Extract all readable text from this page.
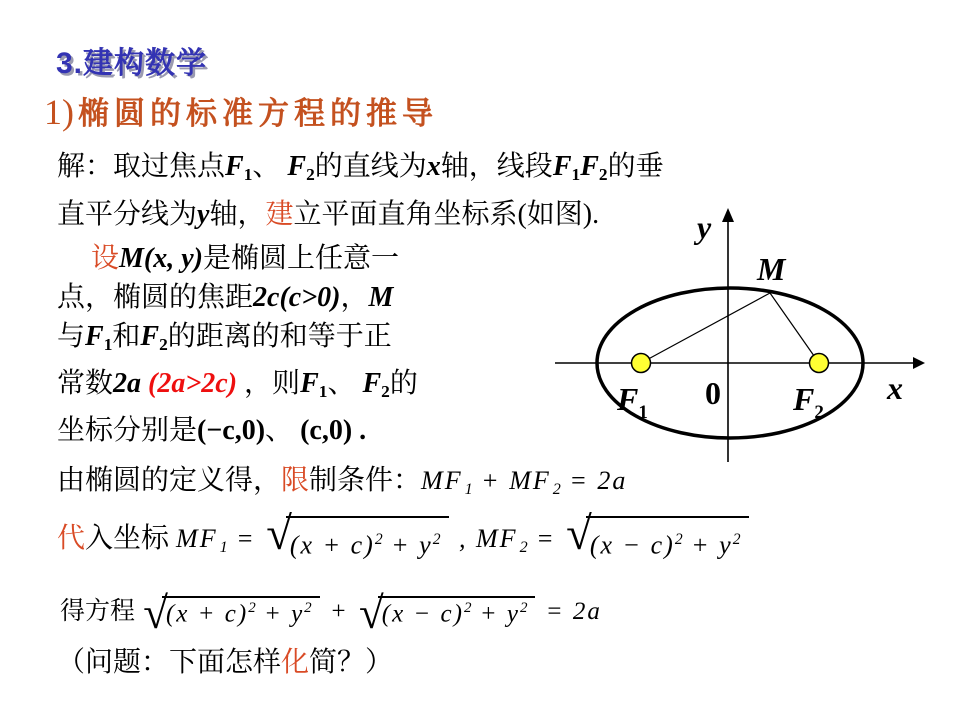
3.建构数学
1) 椭圆的标准方程的推导
解：取过焦点F1、 F2的直线为x轴，线段F1F2的垂
直平分线为y轴，建立平面直角坐标系(如图).
设M(x, y)是椭圆上任意一
点，椭圆的焦距2c(c>0)，M
与F1和F2的距离的和等于正
常数2a (2a>2c) ，则F1、 F2的
坐标分别是(−c,0)、 (c,0) .
由椭圆的定义得，限制条件：MF 1 + MF 2 = 2a
代入坐标 MF 1 = √
$(x + c)^2 + y^2$ , MF 2 = √
$(x - c)^2 + y^2$
得方程 √
$(x + c)^2 + y^2$ + √
$(x - c)^2 + y^2 = 2a$
（问题：下面怎样化简？）
y
M
0	x
$F_1$	$F_2$
